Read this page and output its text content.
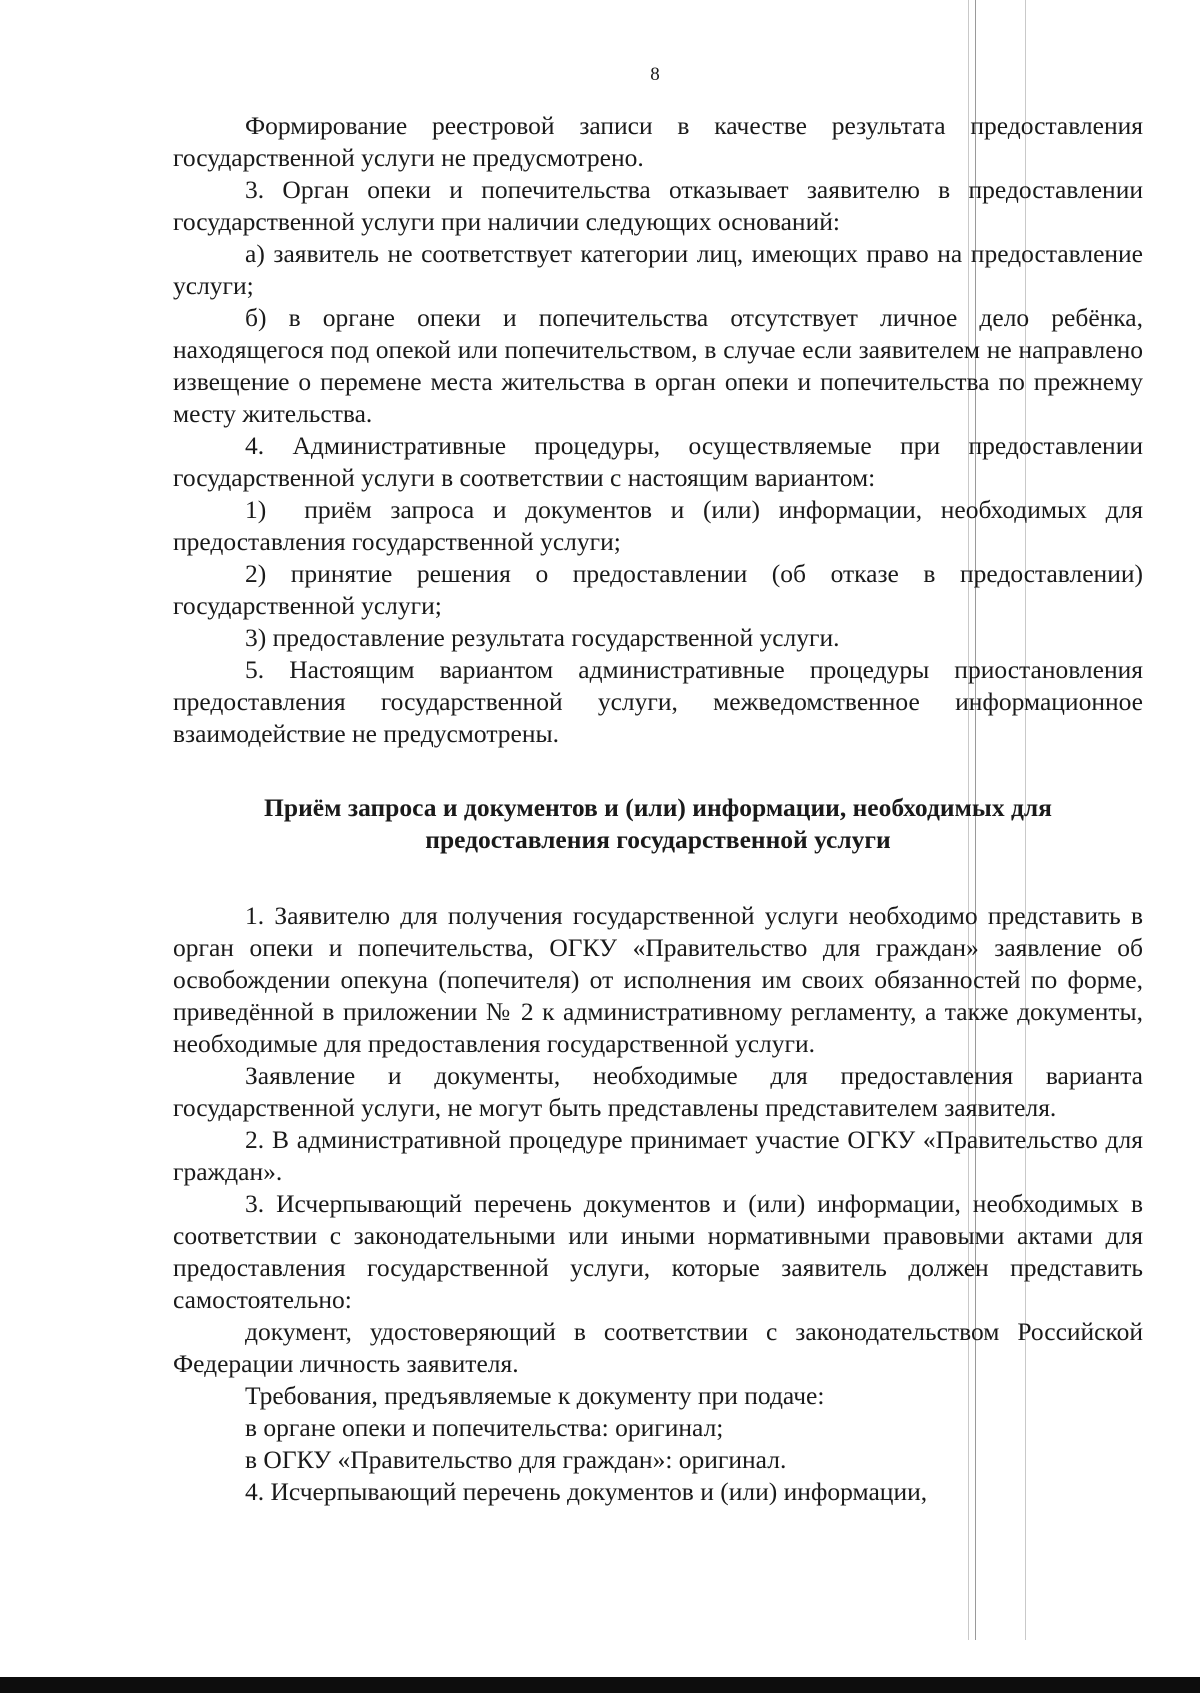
8

Формирование реестровой записи в качестве результата предоставления государственной услуги не предусмотрено.

3. Орган опеки и попечительства отказывает заявителю в предоставлении государственной услуги при наличии следующих оснований:

а) заявитель не соответствует категории лиц, имеющих право на предоставление услуги;

б) в органе опеки и попечительства отсутствует личное дело ребёнка, находящегося под опекой или попечительством, в случае если заявителем не направлено извещение о перемене места жительства в орган опеки и попечительства по прежнему месту жительства.

4. Административные процедуры, осуществляемые при предоставлении государственной услуги в соответствии с настоящим вариантом:

1) приём запроса и документов и (или) информации, необходимых для предоставления государственной услуги;

2) принятие решения о предоставлении (об отказе в предоставлении) государственной услуги;

3) предоставление результата государственной услуги.

5. Настоящим вариантом административные процедуры приостановления предоставления государственной услуги, межведомственное информационное взаимодействие не предусмотрены.

Приём запроса и документов и (или) информации, необходимых для предоставления государственной услуги

1. Заявителю для получения государственной услуги необходимо представить в орган опеки и попечительства, ОГКУ «Правительство для граждан» заявление об освобождении опекуна (попечителя) от исполнения им своих обязанностей по форме, приведённой в приложении № 2 к административному регламенту, а также документы, необходимые для предоставления государственной услуги.

Заявление и документы, необходимые для предоставления варианта государственной услуги, не могут быть представлены представителем заявителя.

2. В административной процедуре принимает участие ОГКУ «Правительство для граждан».

3. Исчерпывающий перечень документов и (или) информации, необходимых в соответствии с законодательными или иными нормативными правовыми актами для предоставления государственной услуги, которые заявитель должен представить самостоятельно:

документ, удостоверяющий в соответствии с законодательством Российской Федерации личность заявителя.

Требования, предъявляемые к документу при подаче:

в органе опеки и попечительства: оригинал;

в ОГКУ «Правительство для граждан»: оригинал.

4. Исчерпывающий перечень документов и (или) информации,
